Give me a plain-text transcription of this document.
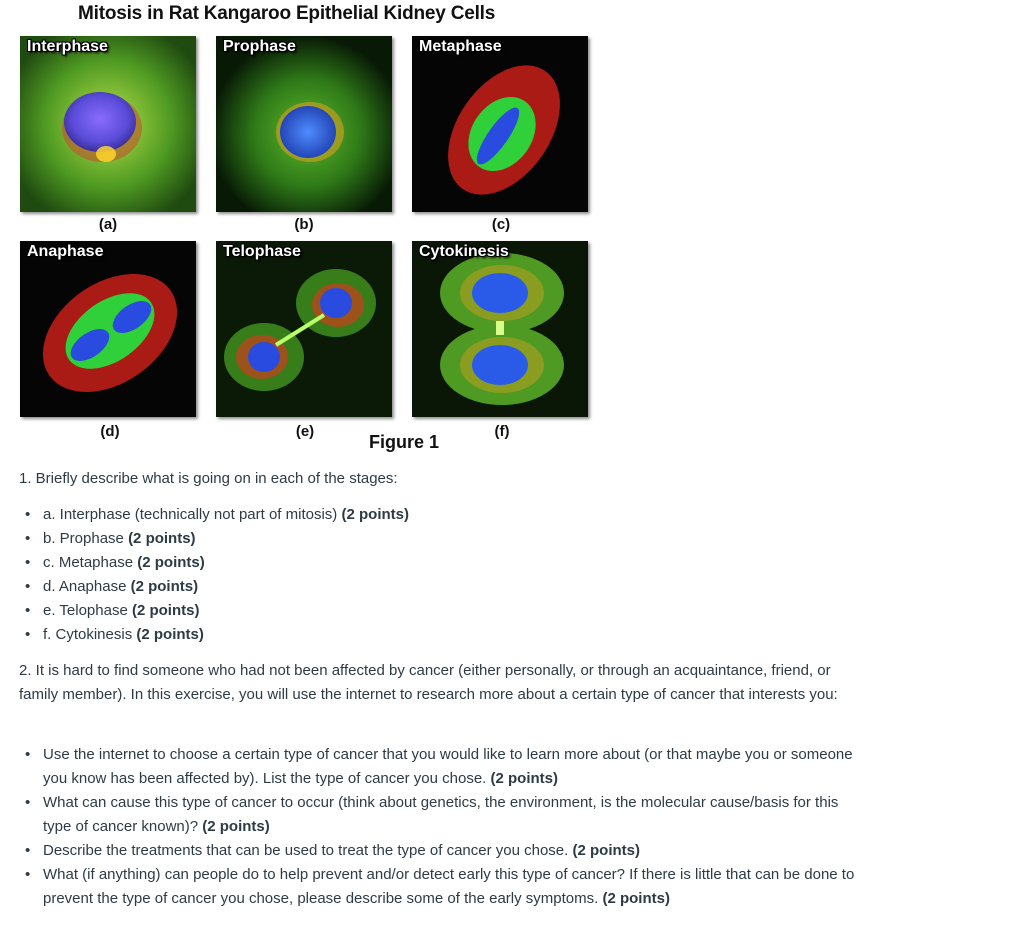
Mitosis in Rat Kangaroo Epithelial Kidney Cells
Interphase	Prophase	Metaphase
Anaphase	Telophase	Cytokinesis
(a)	(b)	(c)
(d)	(e)	(f)
Figure 1

1. Briefly describe what is going on in each of the stages:

• a. Interphase (technically not part of mitosis) (2 points)
• b. Prophase (2 points)
• c. Metaphase (2 points)
• d. Anaphase (2 points)
• e. Telophase (2 points)
• f. Cytokinesis (2 points)

2. It is hard to find someone who had not been affected by cancer (either personally, or through an acquaintance, friend, or family member). In this exercise, you will use the internet to research more about a certain type of cancer that interests you:

• Use the internet to choose a certain type of cancer that you would like to learn more about (or that maybe you or someone you know has been affected by). List the type of cancer you chose. (2 points)
• What can cause this type of cancer to occur (think about genetics, the environment, is the molecular cause/basis for this type of cancer known)? (2 points)
• Describe the treatments that can be used to treat the type of cancer you chose. (2 points)
• What (if anything) can people do to help prevent and/or detect early this type of cancer? If there is little that can be done to prevent the type of cancer you chose, please describe some of the early symptoms. (2 points)
